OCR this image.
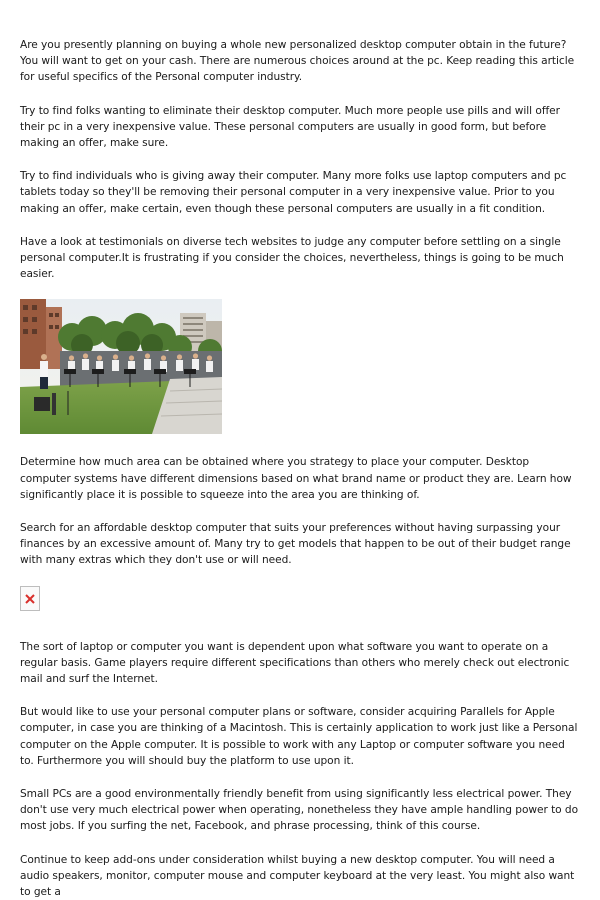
Are you presently planning on buying a whole new personalized desktop computer obtain in the future? You will want to get on your cash. There are numerous choices around at the pc. Keep reading this article for useful specifics of the Personal computer industry.

Try to find folks wanting to eliminate their desktop computer. Much more people use pills and will offer their pc in a very inexpensive value. These personal computers are usually in good form, but before making an offer, make sure.

Try to find individuals who is giving away their computer. Many more folks use laptop computers and pc tablets today so they'll be removing their personal computer in a very inexpensive value. Prior to you making an offer, make certain, even though these personal computers are usually in a fit condition.

Have a look at testimonials on diverse tech websites to judge any computer before settling on a single personal computer.It is frustrating if you consider the choices, nevertheless, things is going to be much easier.

Determine how much area can be obtained where you strategy to place your computer. Desktop computer systems have different dimensions based on what brand name or product they are. Learn how significantly place it is possible to squeeze into the area you are thinking of.

Search for an affordable desktop computer that suits your preferences without having surpassing your finances by an excessive amount of. Many try to get models that happen to be out of their budget range with many extras which they don't use or will need.

The sort of laptop or computer you want is dependent upon what software you want to operate on a regular basis. Game players require different specifications than others who merely check out electronic mail and surf the Internet.

But would like to use your personal computer plans or software, consider acquiring Parallels for Apple computer, in case you are thinking of a Macintosh. This is certainly application to work just like a Personal computer on the Apple computer. It is possible to work with any Laptop or computer software you need to. Furthermore you will should buy the platform to use upon it.

Small PCs are a good environmentally friendly benefit from using significantly less electrical power. They don't use very much electrical power when operating, nonetheless they have ample handling power to do most jobs. If you surfing the net, Facebook, and phrase processing, think of this course.

Continue to keep add-ons under consideration whilst buying a new desktop computer. You will need a audio speakers, monitor, computer mouse and computer keyboard at the very least. You might also want to get a
